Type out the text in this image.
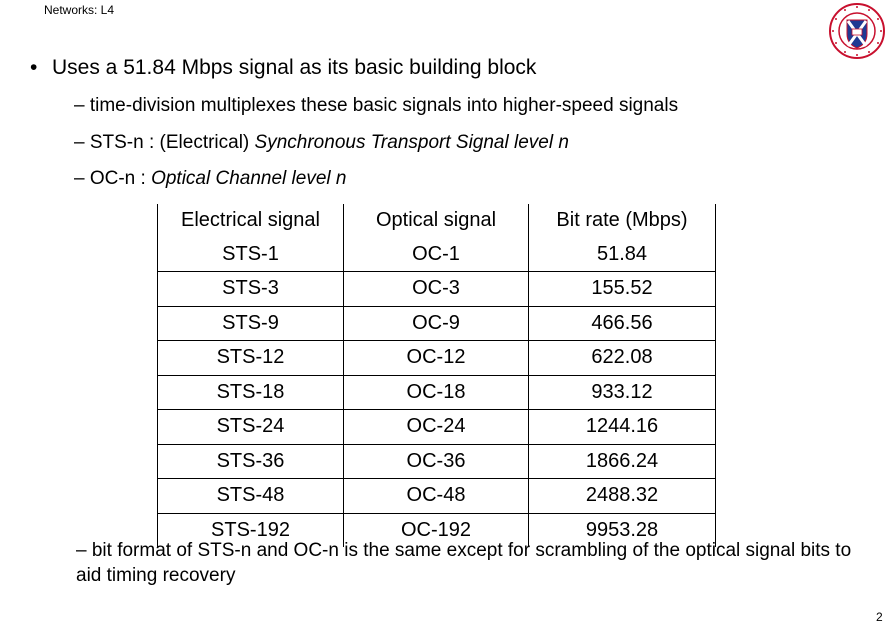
Networks: L4
• Uses a 51.84 Mbps signal as its basic building block
– time-division multiplexes these basic signals into higher-speed signals
– STS-n : (Electrical) Synchronous Transport Signal level n
– OC-n : Optical Channel level n
Electrical signal	Optical signal	Bit rate (Mbps)
STS-1	OC-1	51.84
STS-3	OC-3	155.52
STS-9	OC-9	466.56
STS-12	OC-12	622.08
STS-18	OC-18	933.12
STS-24	OC-24	1244.16
STS-36	OC-36	1866.24
STS-48	OC-48	2488.32
STS-192	OC-192	9953.28
– bit format of STS-n and OC-n is the same except for scrambling of the optical signal bits to aid timing recovery
2
